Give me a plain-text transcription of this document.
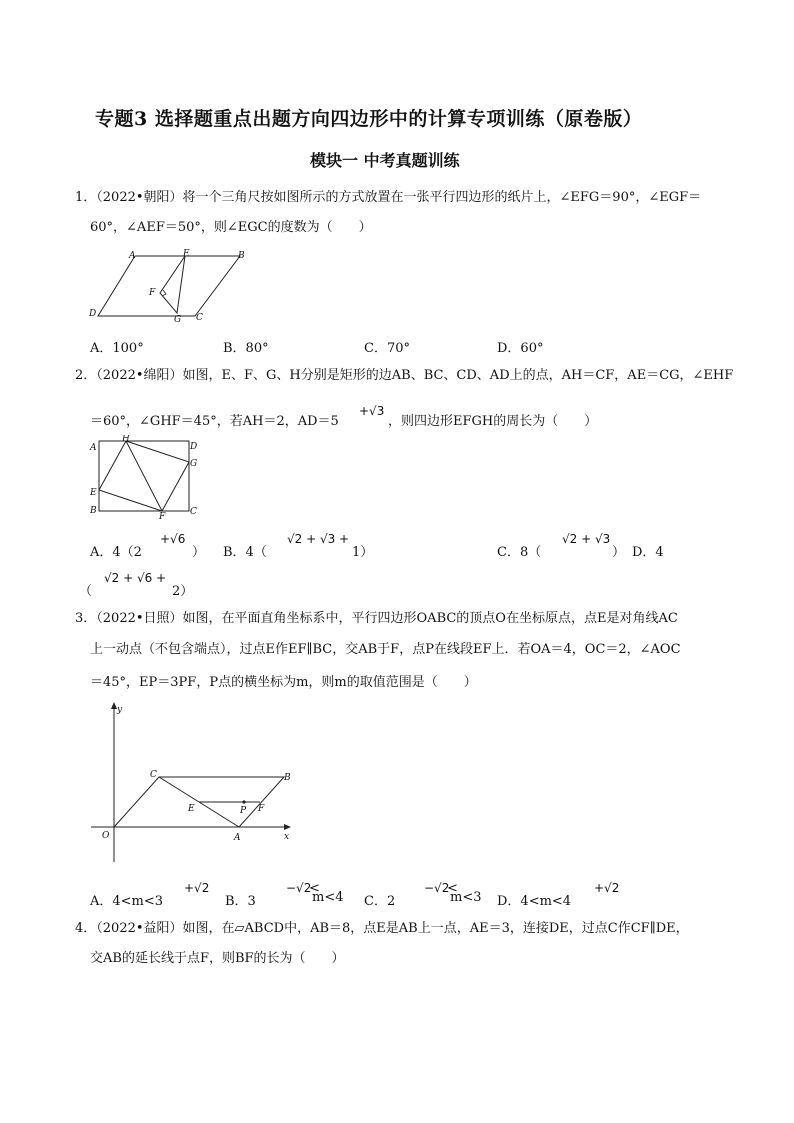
专题3 选择题重点出题方向四边形中的计算专项训练（原卷版）
模块一 中考真题训练
1．（2022•朝阳）将一个三角尺按如图所示的方式放置在一张平行四边形的纸片上，∠EFG＝90°，∠EGF＝
60°，∠AEF＝50°，则∠EGC的度数为（　　）
A	E	B
F
D
G C
A．100°	B．80°	C．70°	D．60°
2．（2022•绵阳）如图，E、F、G、H分别是矩形的边AB、BC、CD、AD上的点，AH＝CF，AE＝CG，∠EHF
＝60°，∠GHF＝45°，若AH＝2，AD＝5
+√3
，则四边形EFGH的周长为（　　）
A
H
D
G
E
B
F	C
A．4（2
+√6
） B．4（
√2 + √3 +
1）	C．8（
√2 + √3
） D．4
（
√2 + √6 +
2）
3．（2022•日照）如图，在平面直角坐标系中，平行四边形OABC的顶点O在坐标原点，点E是对角线AC
上一动点（不包含端点），过点E作EF∥BC，交AB于F，点P在线段EF上．若OA＝4，OC＝2，∠AOC
＝45°，EP＝3PF，P点的横坐标为m，则m的取值范围是（　　）
y
C	B
E	P F
O	A	x
A．4<m<3
+√2
B．3
−√2
<
m<4 C．2
−√2
<
m<3 D．4<m<4
+√2
4．（2022•益阳）如图，在▱ABCD中，AB＝8，点E是AB上一点，AE＝3，连接DE，过点C作CF∥DE，
交AB的延长线于点F，则BF的长为（　　）
